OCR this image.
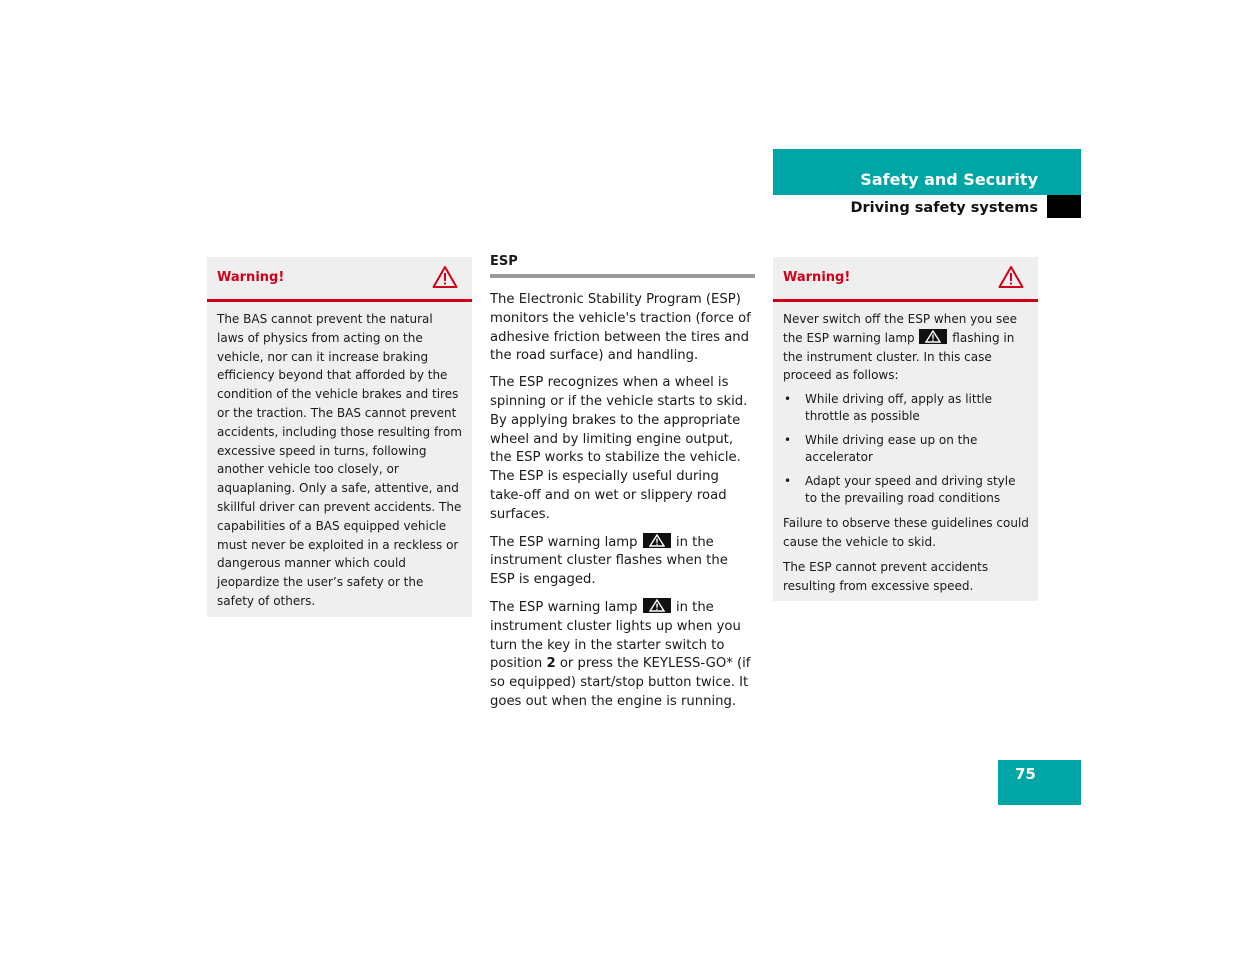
Safety and Security
Driving safety systems
Warning!

The BAS cannot prevent the natural laws of physics from acting on the vehicle, nor can it increase braking efficiency beyond that afforded by the condition of the vehicle brakes and tires or the traction. The BAS cannot prevent accidents, including those resulting from excessive speed in turns, following another vehicle too closely, or aquaplaning. Only a safe, attentive, and skillful driver can prevent accidents. The capabilities of a BAS equipped vehicle must never be exploited in a reckless or dangerous manner which could jeopardize the user’s safety or the safety of others.

ESP

The Electronic Stability Program (ESP) monitors the vehicle's traction (force of adhesive friction between the tires and the road surface) and handling.

The ESP recognizes when a wheel is spinning or if the vehicle starts to skid. By applying brakes to the appropriate wheel and by limiting engine output, the ESP works to stabilize the vehicle. The ESP is especially useful during take-off and on wet or slippery road surfaces.

The ESP warning lamp	in the instrument cluster flashes when the ESP is engaged.

The ESP warning lamp	in the instrument cluster lights up when you turn the key in the starter switch to position 2 or press the KEYLESS-GO* (if so equipped) start/stop button twice. It goes out when the engine is running.

Warning!

Never switch off the ESP when you see the ESP warning lamp	flashing in the instrument cluster. In this case proceed as follows:

• While driving off, apply as little throttle as possible
• While driving ease up on the accelerator
• Adapt your speed and driving style to the prevailing road conditions

Failure to observe these guidelines could cause the vehicle to skid.

The ESP cannot prevent accidents resulting from excessive speed.

75
